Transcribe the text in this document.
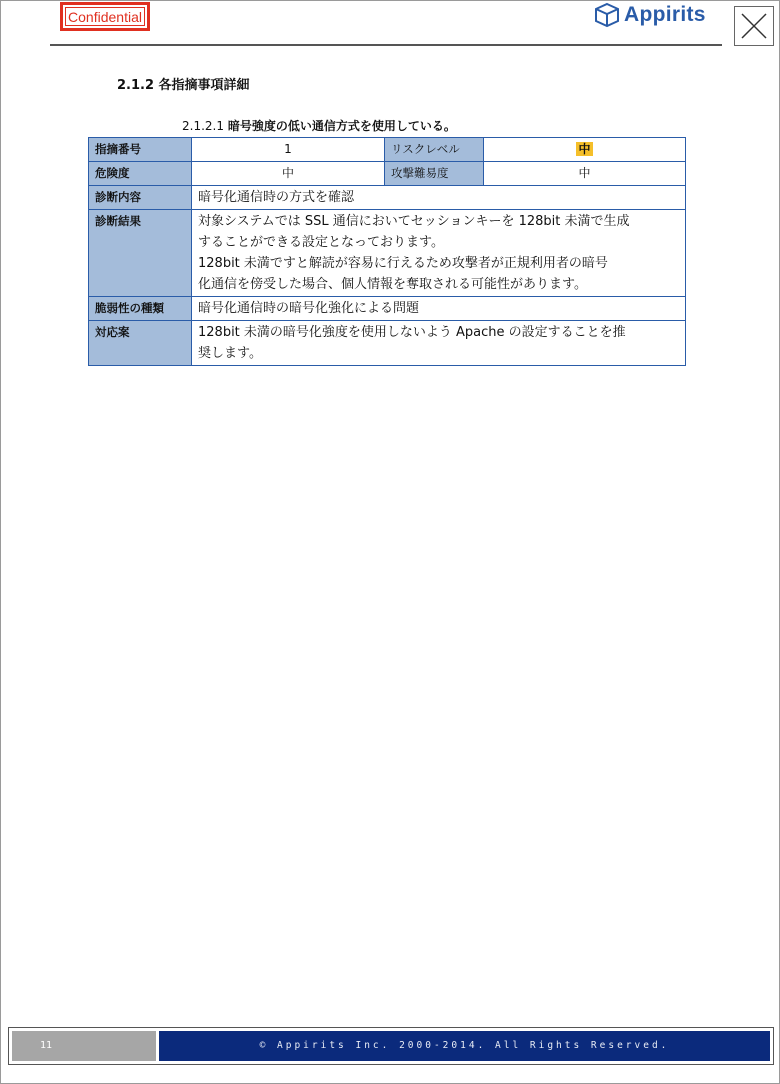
Confidential	Appirits
2.1.2 各指摘事項詳細
2.1.2.1 暗号強度の低い通信方式を使用している。
指摘番号	1	リスクレベル	中
危険度	中	攻撃難易度	中
診断内容	暗号化通信時の方式を確認		
診断結果	対象システムでは SSL 通信においてセッションキーを 128bit 未満で生成
することができる設定となっております。
128bit 未満ですと解読が容易に行えるため攻撃者が正規利用者の暗号
化通信を傍受した場合、個人情報を奪取される可能性があります。		

脆弱性の種類	暗号化通信時の暗号化強化による問題		
対応案	128bit 未満の暗号化強度を使用しないよう Apache の設定することを推
奨します。		
11	© Appirits Inc. 2000-2014. All Rights Reserved.
